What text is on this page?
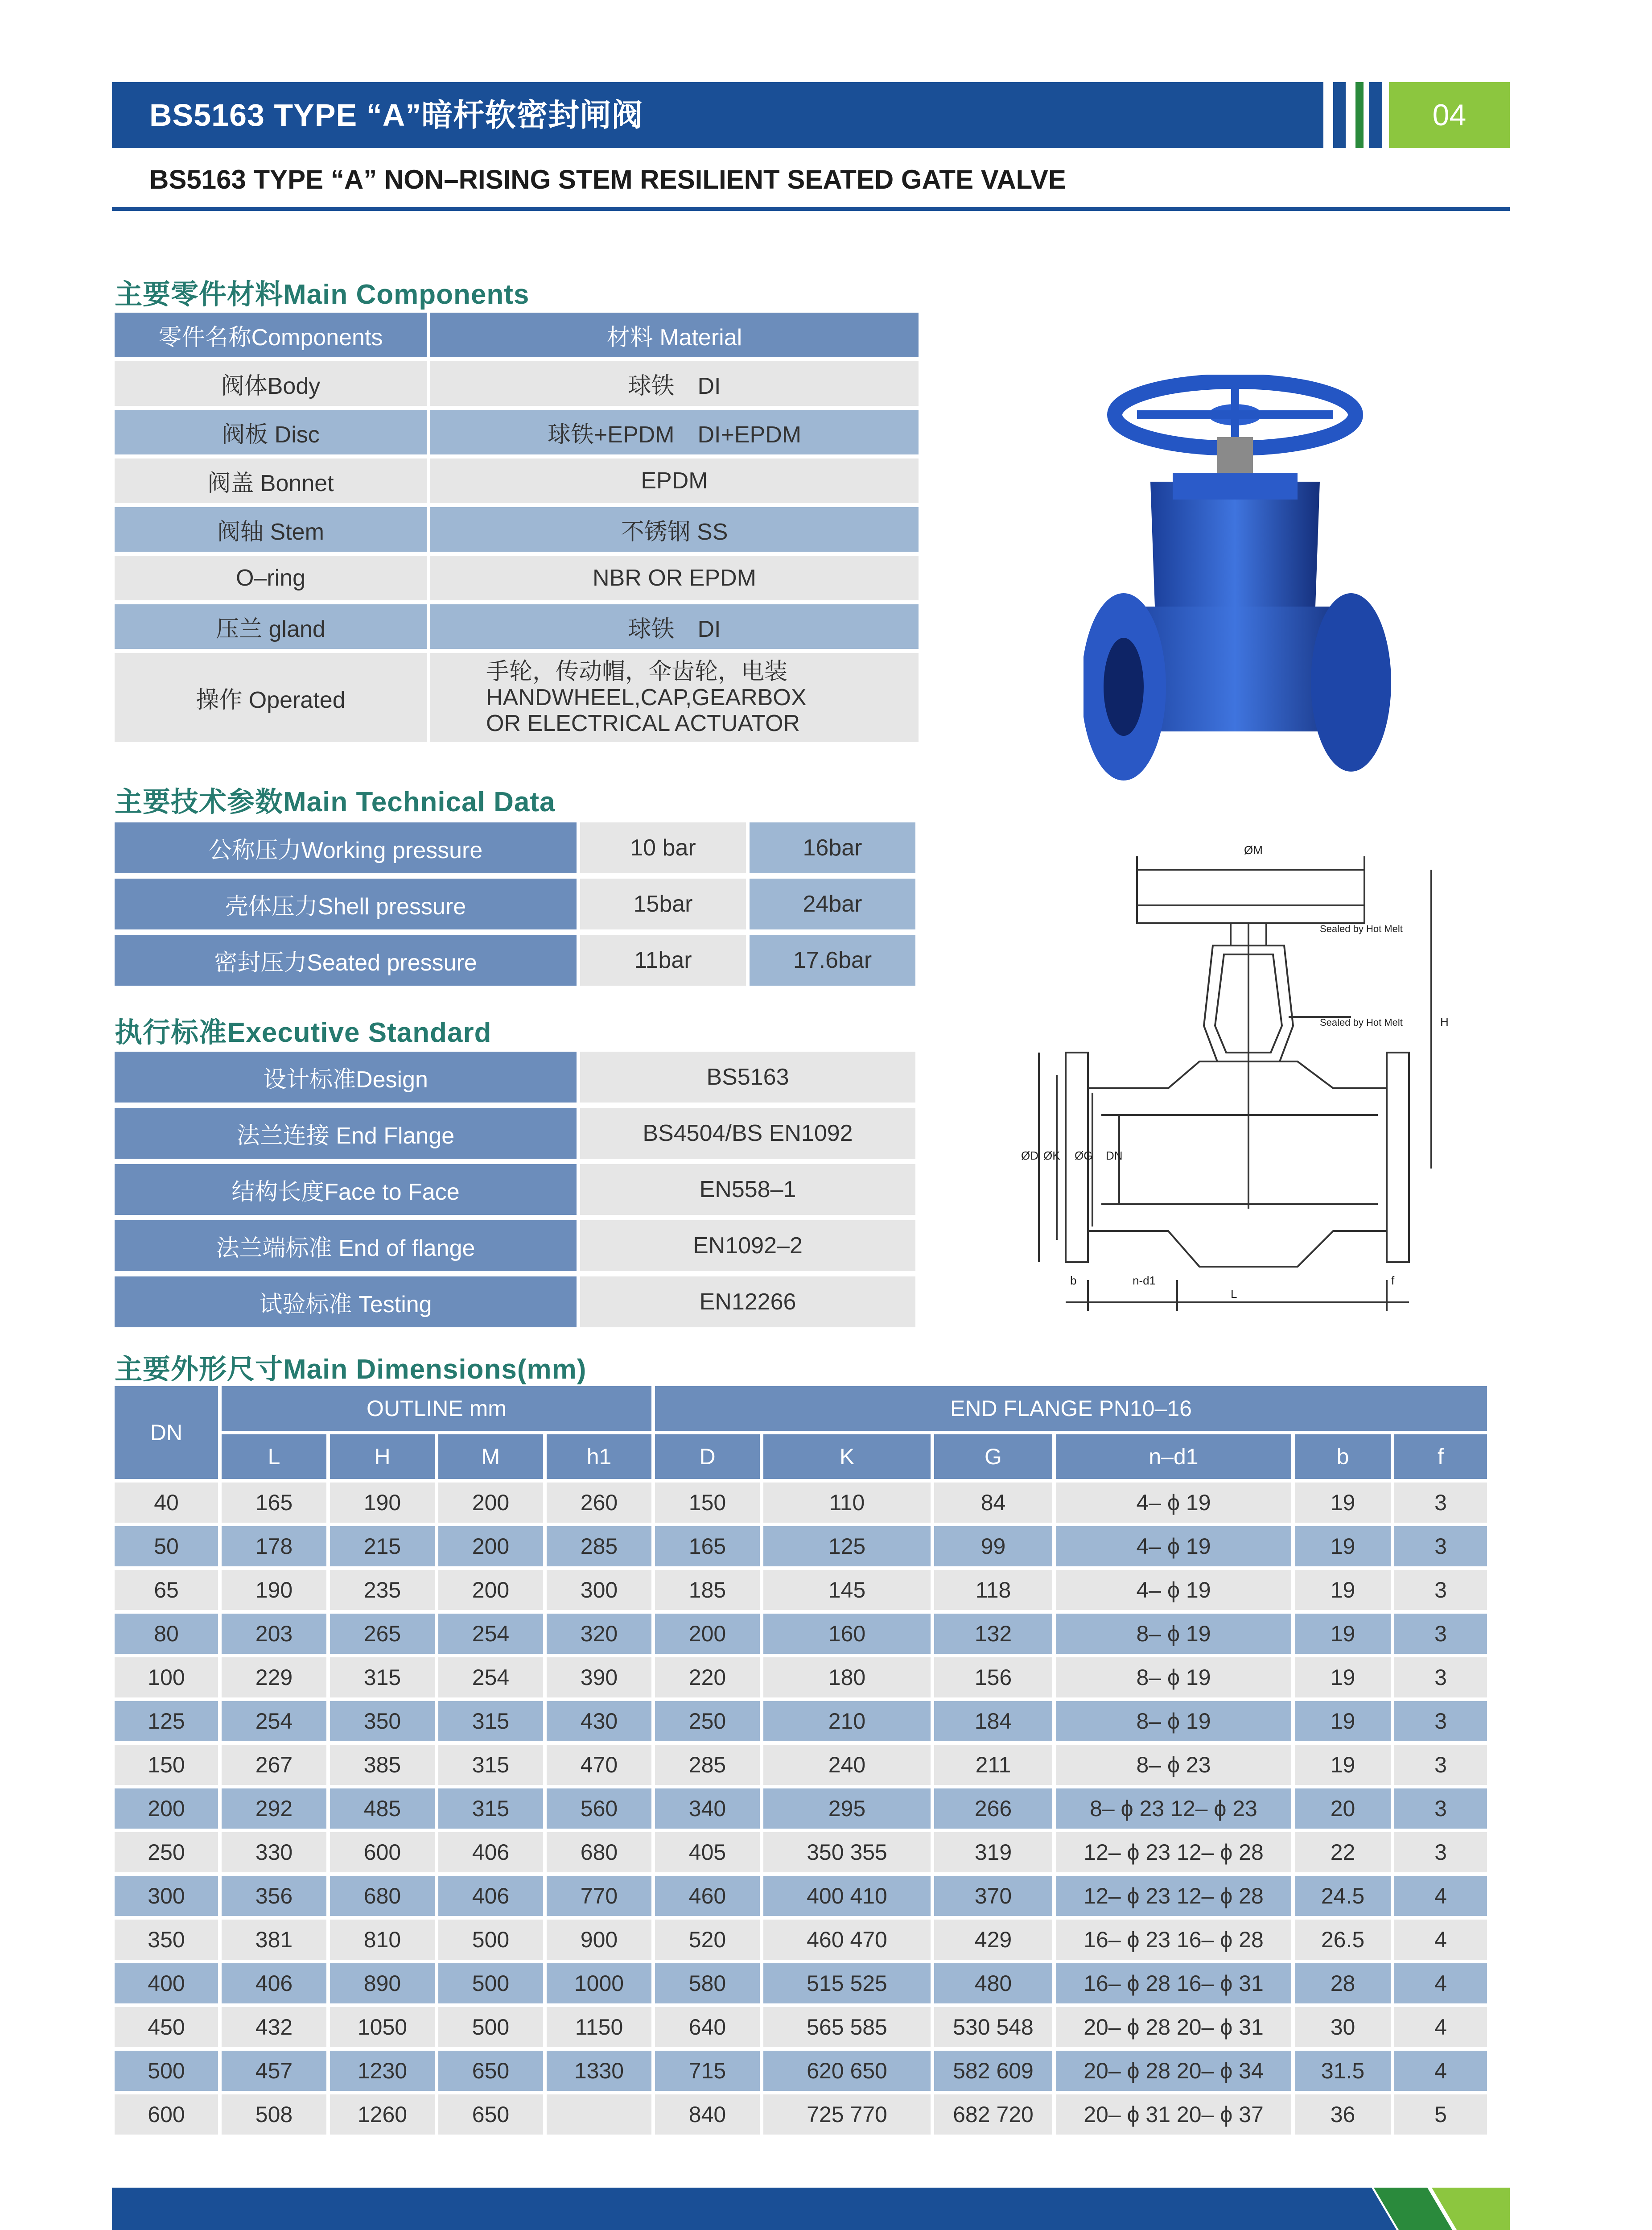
BS5163 TYPE “A”暗杆软密封闸阀	04
BS5163 TYPE “A” NON–RISING STEM RESILIENT SEATED GATE VALVE
主要零件材料Main Components
零件名称Components	材料 Material
阀体Body	球铁　DI
阀板 Disc	球铁+EPDM　DI+EPDM
阀盖 Bonnet	EPDM
阀轴 Stem	不锈钢 SS
O–ring	NBR OR EPDM
压兰 gland	球铁　DI
操作 Operated	手轮，传动帽，伞齿轮，电装
HANDWHEEL,CAP,GEARBOX
OR ELECTRICAL ACTUATOR
主要技术参数Main Technical Data
公称压力Working pressure	10 bar	16bar
壳体压力Shell pressure	15bar	24bar
密封压力Seated pressure	11bar	17.6bar
执行标准Executive Standard
设计标准Design	BS5163
法兰连接 End Flange	BS4504/BS EN1092
结构长度Face to Face	EN558–1
法兰端标准 End of flange	EN1092–2
试验标准 Testing	EN12266
ØM
Sealed by Hot Melt
Sealed by Hot Melt	H
ØD ØK ØG DN
b	n-d1
L
f
主要外形尺寸Main Dimensions(mm)
DN	OUTLINE mm				END FLANGE PN10–16					
	L	H	M	h1	D	K	G	n–d1	b	f
40	165	190	200	260	150	110	84	4– ϕ 19	19	3
50	178	215	200	285	165	125	99	4– ϕ 19	19	3
65	190	235	200	300	185	145	118	4– ϕ 19	19	3
80	203	265	254	320	200	160	132	8– ϕ 19	19	3
100	229	315	254	390	220	180	156	8– ϕ 19	19	3
125	254	350	315	430	250	210	184	8– ϕ 19	19	3
150	267	385	315	470	285	240	211	8– ϕ 23	19	3
200	292	485	315	560	340	295	266	8– ϕ 23 12– ϕ 23	20	3
250	330	600	406	680	405	350 355	319	12– ϕ 23 12– ϕ 28	22	3
300	356	680	406	770	460	400 410	370	12– ϕ 23 12– ϕ 28	24.5	4
350	381	810	500	900	520	460 470	429	16– ϕ 23 16– ϕ 28	26.5	4
400	406	890	500	1000	580	515 525	480	16– ϕ 28 16– ϕ 31	28	4
450	432	1050	500	1150	640	565 585	530 548	20– ϕ 28 20– ϕ 31	30	4
500	457	1230	650	1330	715	620 650	582 609	20– ϕ 28 20– ϕ 34	31.5	4
600	508	1260	650		840	725 770	682 720	20– ϕ 31 20– ϕ 37	36	5
